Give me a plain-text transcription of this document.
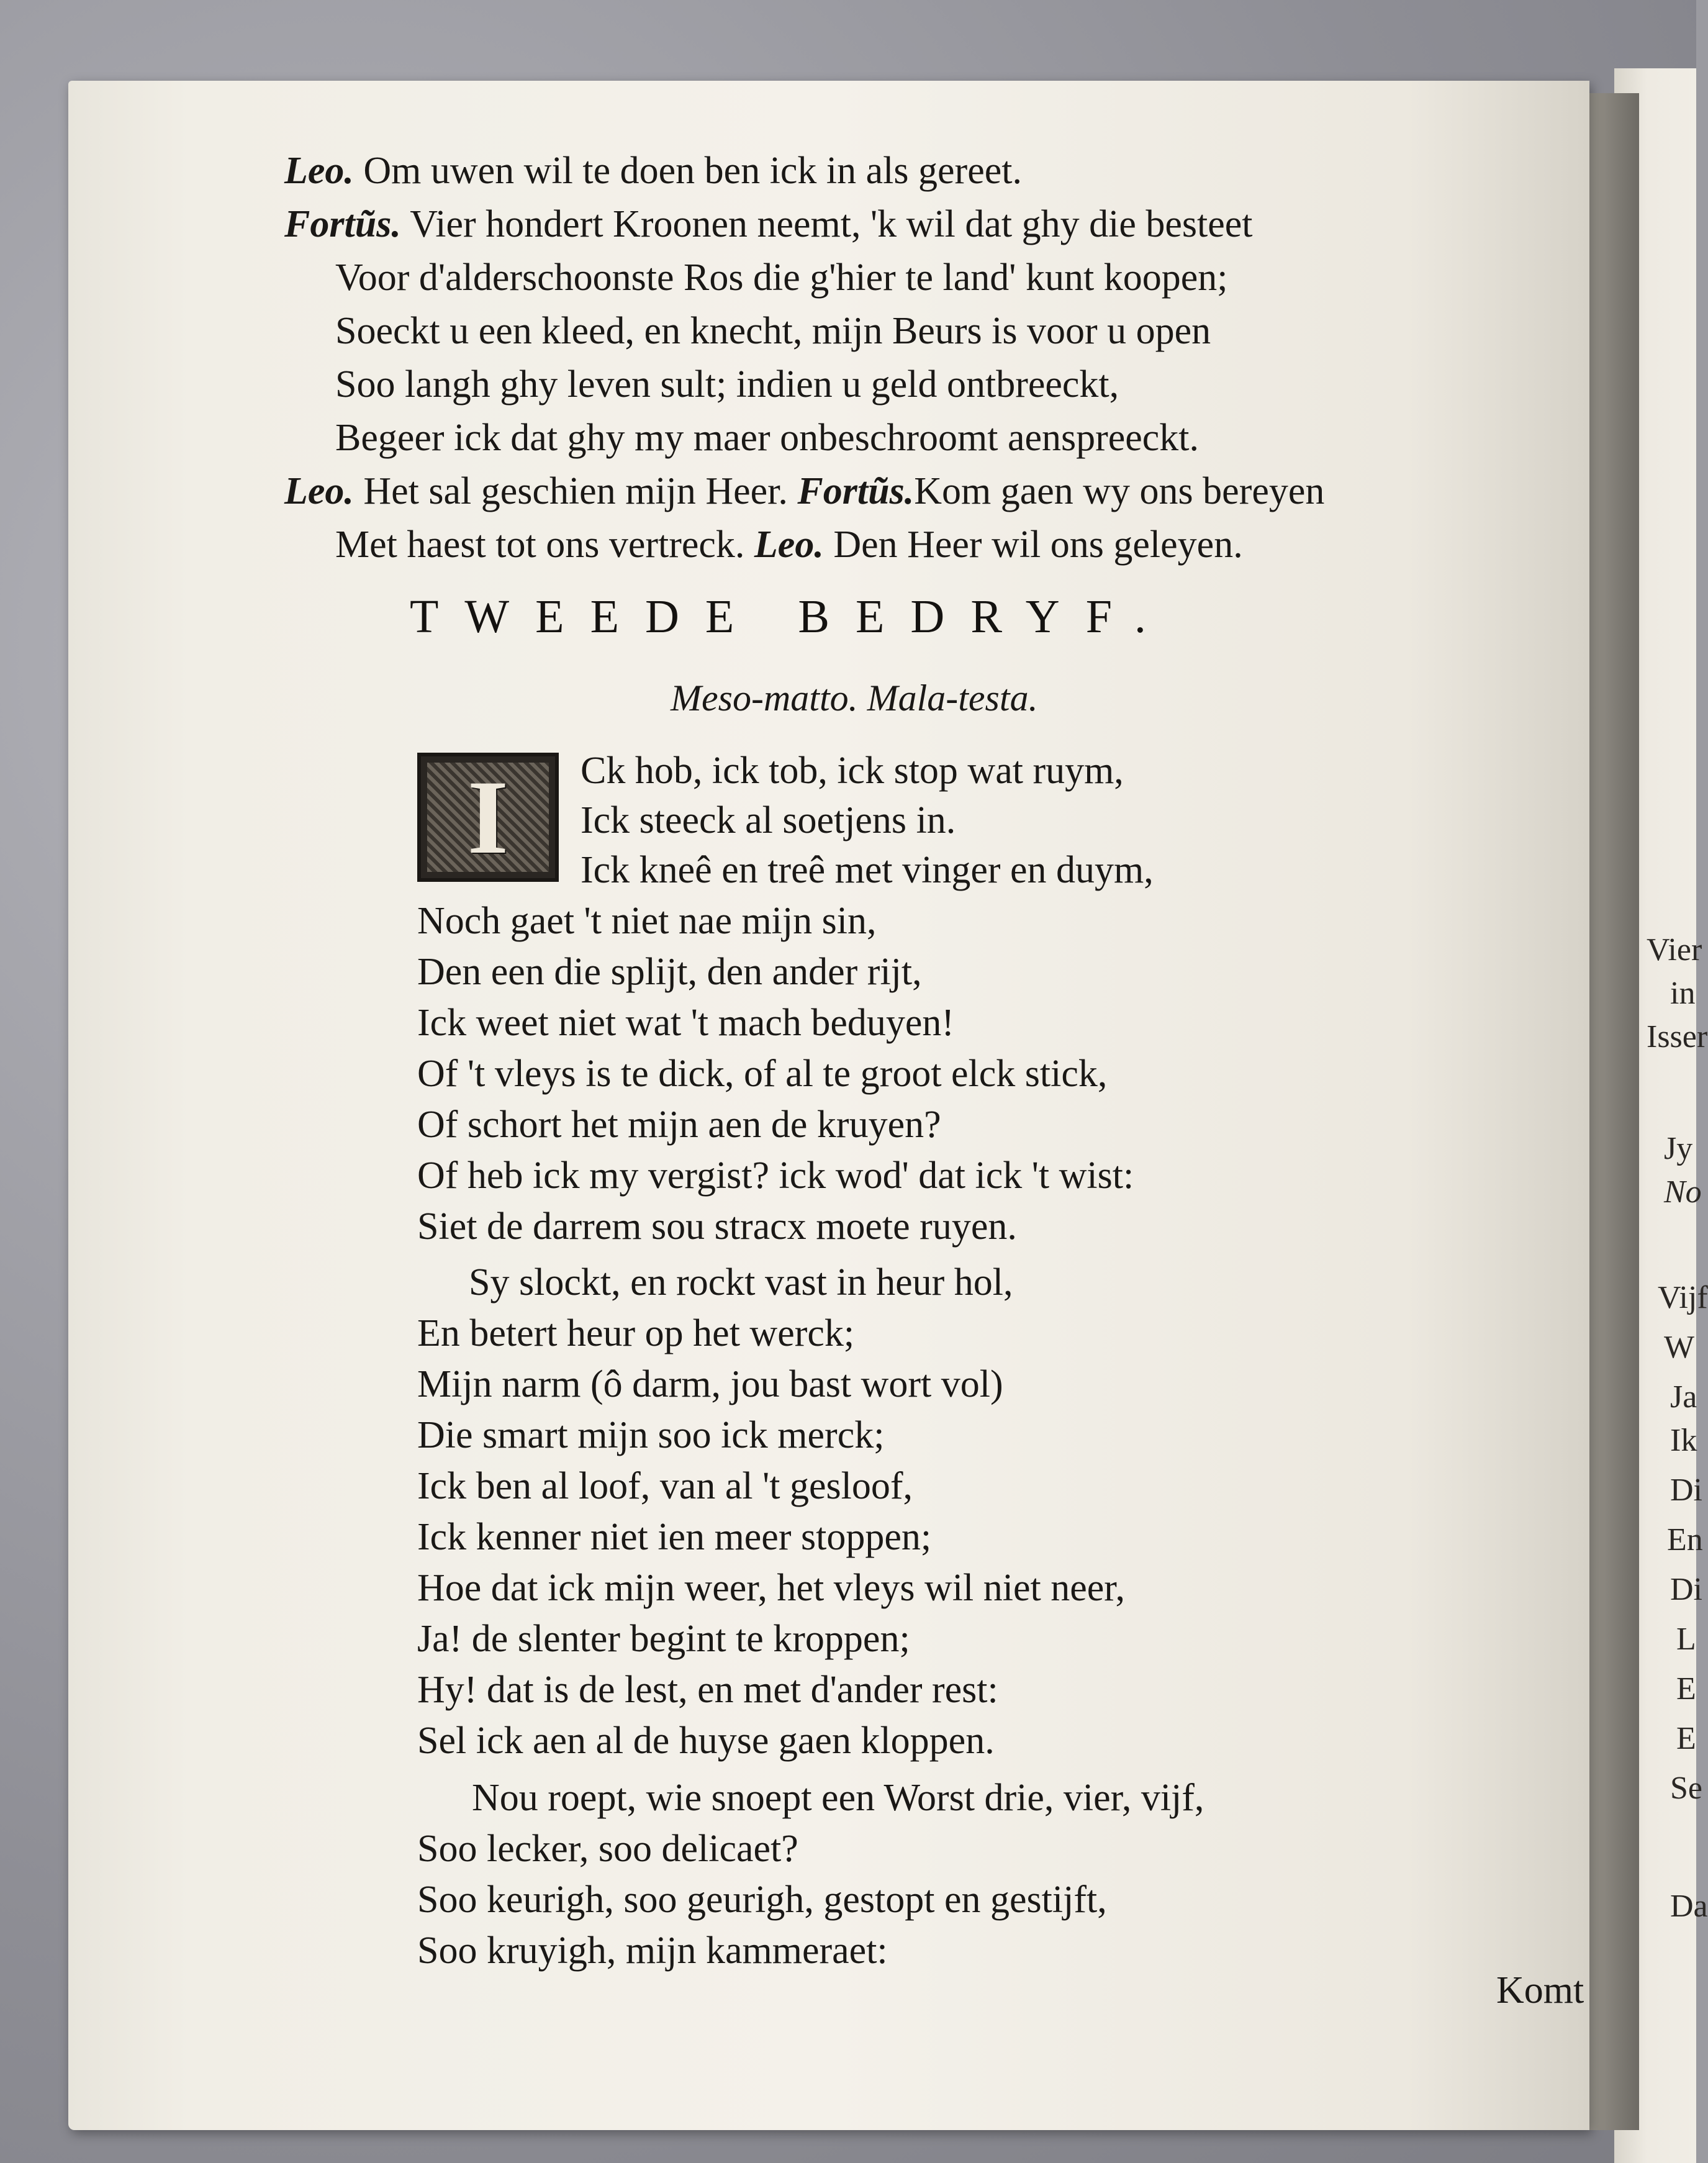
Leo. Om uwen wil te doen ben ick in als gereet.
Fortũs. Vier hondert Kroonen neemt, 'k wil dat ghy die besteet
Voor d'alderschoonste Ros die g'hier te land' kunt koopen;
Soeckt u een kleed, en knecht, mijn Beurs is voor u open
Soo langh ghy leven sult; indien u geld ontbreeckt,
Begeer ick dat ghy my maer onbeschroomt aenspreeckt.
Leo. Het sal geschien mijn Heer. Fortũs.Kom gaen wy ons bereyen
Met haest tot ons vertreck. Leo. Den Heer wil ons geleyen.
TWEEDE BEDRYF.
Meso-matto. Mala-testa.
I Ck hob, ick tob, ick stop wat ruym,
Ick steeck al soetjens in.
Ick kneê en treê met vinger en duym,
Noch gaet 't niet nae mijn sin,
Den een die splijt, den ander rijt,
Ick weet niet wat 't mach beduyen!
Of 't vleys is te dick, of al te groot elck stick,
Of schort het mijn aen de kruyen?
Of heb ick my vergist? ick wod' dat ick 't wist:
Siet de darrem sou stracx moete ruyen.
Sy slockt, en rockt vast in heur hol,
En betert heur op het werck;
Mijn narm (ô darm, jou bast wort vol)
Die smart mijn soo ick merck;
Ick ben al loof, van al 't gesloof,
Ick kenner niet ien meer stoppen;
Hoe dat ick mijn weer, het vleys wil niet neer,
Ja! de slenter begint te kroppen;
Hy! dat is de lest, en met d'ander rest:
Sel ick aen al de huyse gaen kloppen.
Nou roept, wie snoept een Worst drie, vier, vijf,
Soo lecker, soo delicaet?
Soo keurigh, soo geurigh, gestopt en gestijft,
Soo kruyigh, mijn kammeraet:
Komt
Vier
in
Isser
Jy
No
Vijf
W
Ja
Ik
Di
En
Di
L
E
E
Se
Da
